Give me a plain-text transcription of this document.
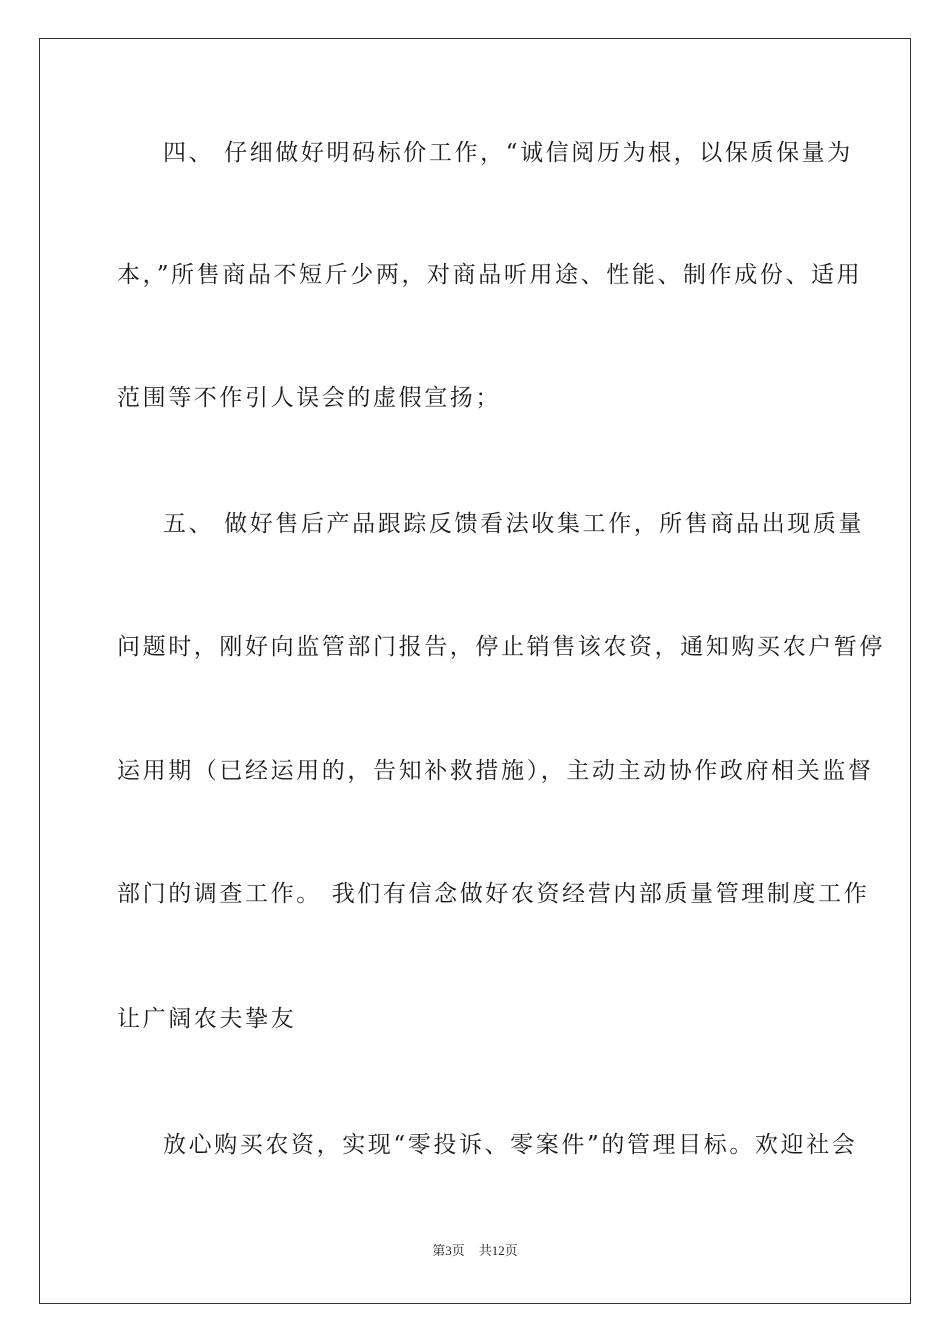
四、 仔细做好明码标价工作，“诚信阅历为根，以保质保量为
本，”所售商品不短斤少两，对商品听用途、性能、制作成份、适用
范围等不作引人误会的虚假宣扬；
五、 做好售后产品跟踪反馈看法收集工作，所售商品出现质量
问题时，刚好向监管部门报告，停止销售该农资，通知购买农户暂停
运用期（已经运用的，告知补救措施），主动主动协作政府相关监督
部门的调查工作。 我们有信念做好农资经营内部质量管理制度工作
让广阔农夫挚友
放心购买农资，实现“零投诉、零案件”的管理目标。欢迎社会
第3页 共12页
